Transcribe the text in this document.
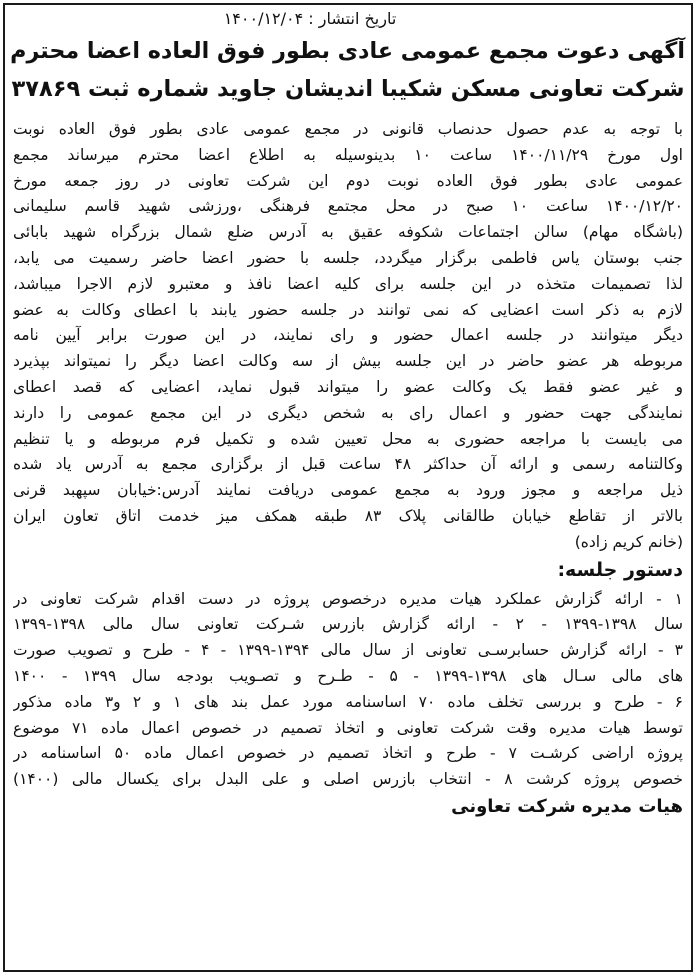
تاریخ انتشار : ۱۴۰۰/۱۲/۰۴
آگهی دعوت مجمع عمومی عادی بطور فوق العاده اعضا محترم
شرکت تعاونی مسکن شکیبا اندیشان جاوید شماره ثبت ۳۷۸۶۹
با توجه به عدم حصول حدنصاب قانونی در مجمع عمومی عادی بطور فوق العاده نوبت
اول مورخ ۱۴۰۰/۱۱/۲۹ ساعت ۱۰ بدینوسیله به اطلاع اعضا محترم میرساند مجمع
عمومی عادی بطور فوق العاده نوبت دوم این شرکت تعاونی در روز جمعه مورخ
۱۴۰۰/۱۲/۲۰ ساعت ۱۰ صبح در محل مجتمع فرهنگی ،ورزشی شهید قاسم سلیمانی
(باشگاه مهام) سالن اجتماعات شکوفه عقیق به آدرس ضلع شمال بزرگراه شهید بابائی
جنب بوستان یاس فاطمی برگزار میگردد، جلسه با حضور اعضا حاضر رسمیت می یابد،
لذا تصمیمات متخذه در این جلسه برای کلیه اعضا نافذ و معتبرو لازم الاجرا میباشد،
لازم به ذکر است اعضایی که نمی توانند در جلسه حضور یابند با اعطای وکالت به عضو
دیگر میتوانند در جلسه اعمال حضور و رای نمایند، در این صورت برابر آیین نامه
مربوطه هر عضو حاضر در این جلسه بیش از سه وکالت اعضا دیگر را نمیتواند بپذیرد
و غیر عضو فقط یک وکالت عضو را میتواند قبول نماید، اعضایی که قصد اعطای
نمایندگی جهت حضور و اعمال رای به شخص دیگری در این مجمع عمومی را دارند
می بایست با مراجعه حضوری به محل تعیین شده و تکمیل فرم مربوطه و یا تنظیم
وکالتنامه رسمی و ارائه آن حداکثر ۴۸ ساعت قبل از برگزاری مجمع به آدرس یاد شده
ذیل مراجعه و مجوز ورود به مجمع عمومی دریافت نمایند آدرس:خیابان سپهبد قرنی
بالاتر از تقاطع خیابان طالقانی پلاک ۸۳ طبقه همکف میز خدمت اتاق تعاون ایران
(خانم کریم زاده)
دستور جلسه:
۱ - ارائه گزارش عملکرد هیات مدیره درخصوص پروژه در دست اقدام شرکت تعاونی در
سال ۱۳۹۸-۱۳۹۹ - ۲ - ارائه گزارش بازرس شـرکت تعاونی سال مالی ۱۳۹۸-۱۳۹۹
۳ - ارائه گزارش حسابرسـی تعاونی از سال مالی ۱۳۹۴-۱۳۹۹ - ۴ - طرح و تصویب صورت
های مالی سـال های ۱۳۹۸-۱۳۹۹ - ۵ - طـرح و تصـویب بودجه سال ۱۳۹۹ - ۱۴۰۰
۶ - طرح و بررسی تخلف ماده ۷۰ اساسنامه مورد عمل بند های ۱ و ۲ و۳ ماده مذکور
توسط هیات مدیره وقت شرکت تعاونی و اتخاذ تصمیم در خصوص اعمال ماده ۷۱ موضوع
پروژه اراضی کرشـت ۷ - طرح و اتخاذ تصمیم در خصوص اعمال ماده ۵۰ اساسنامه در
خصوص پروژه کرشت ۸ - انتخاب بازرس اصلی و علی البدل برای یکسال مالی (۱۴۰۰)
هیات مدیره شرکت تعاونی
